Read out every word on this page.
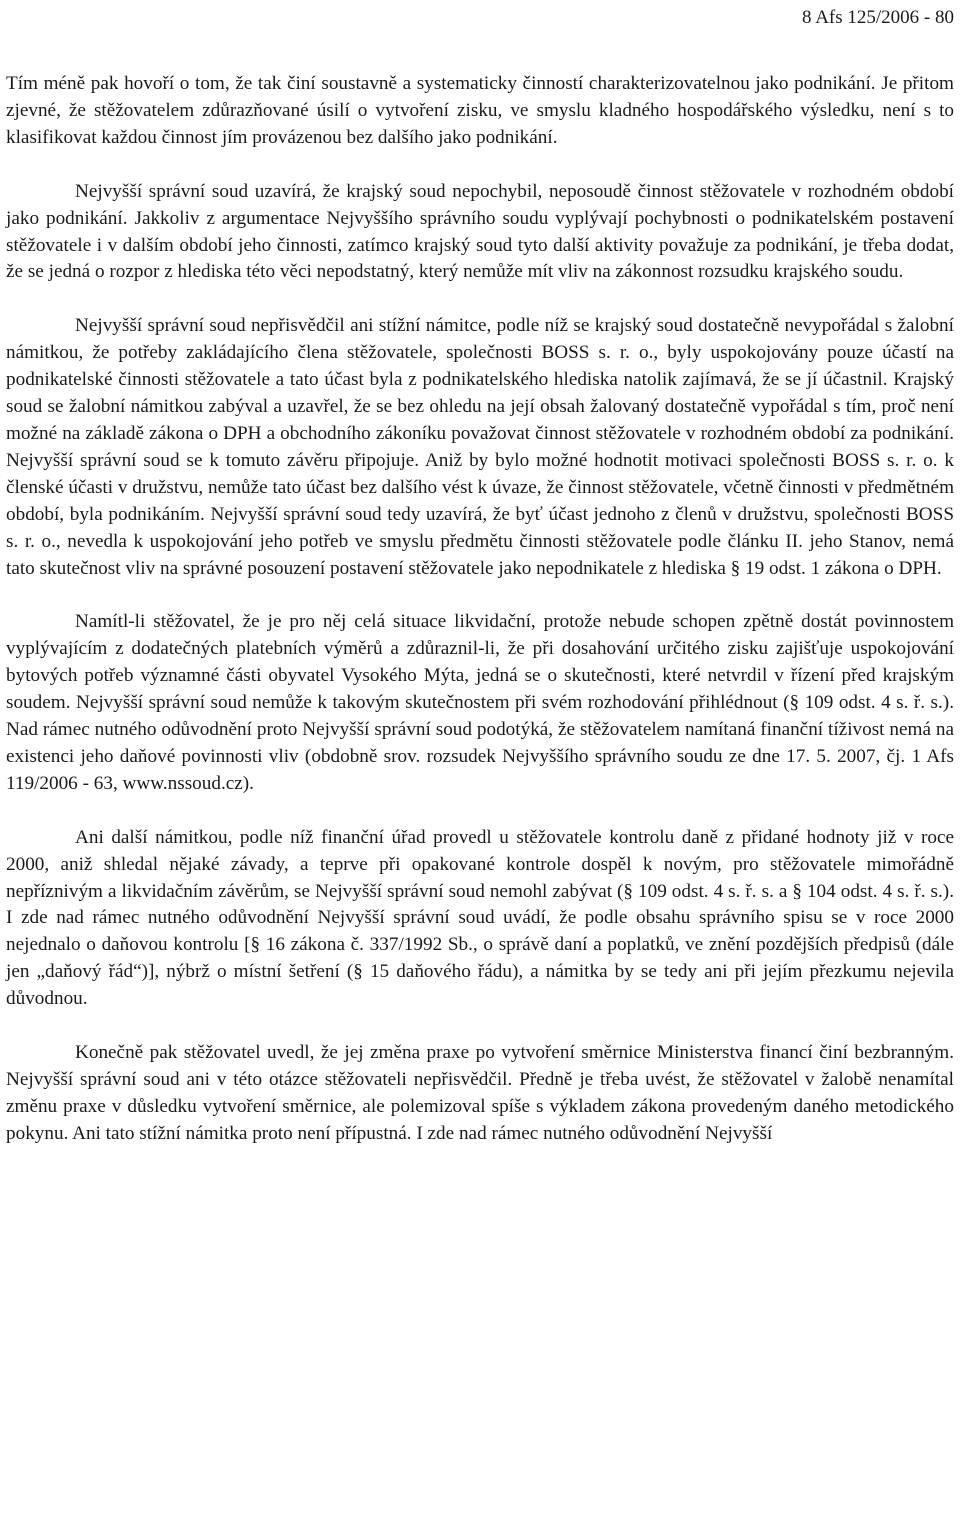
8 Afs 125/2006 - 80

Tím méně pak hovoří o tom, že tak činí soustavně a systematicky činností charakterizovatelnou jako podnikání. Je přitom zjevné, že stěžovatelem zdůrazňované úsilí o vytvoření zisku, ve smyslu kladného hospodářského výsledku, není s to klasifikovat každou činnost jím provázenou bez dalšího jako podnikání.

Nejvyšší správní soud uzavírá, že krajský soud nepochybil, neposoudě činnost stěžovatele v rozhodném období jako podnikání. Jakkoliv z argumentace Nejvyššího správního soudu vyplývají pochybnosti o podnikatelském postavení stěžovatele i v dalším období jeho činnosti, zatímco krajský soud tyto další aktivity považuje za podnikání, je třeba dodat, že se jedná o rozpor z hlediska této věci nepodstatný, který nemůže mít vliv na zákonnost rozsudku krajského soudu.

Nejvyšší správní soud nepřisvědčil ani stížní námitce, podle níž se krajský soud dostatečně nevypořádal s žalobní námitkou, že potřeby zakládajícího člena stěžovatele, společnosti BOSS s. r. o., byly uspokojovány pouze účastí na podnikatelské činnosti stěžovatele a tato účast byla z podnikatelského hlediska natolik zajímavá, že se jí účastnil. Krajský soud se žalobní námitkou zabýval a uzavřel, že se bez ohledu na její obsah žalovaný dostatečně vypořádal s tím, proč není možné na základě zákona o DPH a obchodního zákoníku považovat činnost stěžovatele v rozhodném období za podnikání. Nejvyšší správní soud se k tomuto závěru připojuje. Aniž by bylo možné hodnotit motivaci společnosti BOSS s. r. o. k členské účasti v družstvu, nemůže tato účast bez dalšího vést k úvaze, že činnost stěžovatele, včetně činnosti v předmětném období, byla podnikáním. Nejvyšší správní soud tedy uzavírá, že byť účast jednoho z členů v družstvu, společnosti BOSS s. r. o., nevedla k uspokojování jeho potřeb ve smyslu předmětu činnosti stěžovatele podle článku II. jeho Stanov, nemá tato skutečnost vliv na správné posouzení postavení stěžovatele jako nepodnikatele z hlediska § 19 odst. 1 zákona o DPH.

Namítl-li stěžovatel, že je pro něj celá situace likvidační, protože nebude schopen zpětně dostát povinnostem vyplývajícím z dodatečných platebních výměrů a zdůraznil-li, že při dosahování určitého zisku zajišťuje uspokojování bytových potřeb významné části obyvatel Vysokého Mýta, jedná se o skutečnosti, které netvrdil v řízení před krajským soudem. Nejvyšší správní soud nemůže k takovým skutečnostem při svém rozhodování přihlédnout (§ 109 odst. 4 s. ř. s.). Nad rámec nutného odůvodnění proto Nejvyšší správní soud podotýká, že stěžovatelem namítaná finanční tíživost nemá na existenci jeho daňové povinnosti vliv (obdobně srov. rozsudek Nejvyššího správního soudu ze dne 17. 5. 2007, čj. 1 Afs 119/2006 - 63, www.nssoud.cz).

Ani další námitkou, podle níž finanční úřad provedl u stěžovatele kontrolu daně z přidané hodnoty již v roce 2000, aniž shledal nějaké závady, a teprve při opakované kontrole dospěl k novým, pro stěžovatele mimořádně nepříznivým a likvidačním závěrům, se Nejvyšší správní soud nemohl zabývat (§ 109 odst. 4 s. ř. s. a § 104 odst. 4 s. ř. s.). I zde nad rámec nutného odůvodnění Nejvyšší správní soud uvádí, že podle obsahu správního spisu se v roce 2000 nejednalo o daňovou kontrolu [§ 16 zákona č. 337/1992 Sb., o správě daní a poplatků, ve znění pozdějších předpisů (dále jen „daňový řád“)], nýbrž o místní šetření (§ 15 daňového řádu), a námitka by se tedy ani při jejím přezkumu nejevila důvodnou.

Konečně pak stěžovatel uvedl, že jej změna praxe po vytvoření směrnice Ministerstva financí činí bezbranným. Nejvyšší správní soud ani v této otázce stěžovateli nepřisvědčil. Předně je třeba uvést, že stěžovatel v žalobě nenamítal změnu praxe v důsledku vytvoření směrnice, ale polemizoval spíše s výkladem zákona provedeným daného metodického pokynu. Ani tato stížní námitka proto není přípustná. I zde nad rámec nutného odůvodnění Nejvyšší
